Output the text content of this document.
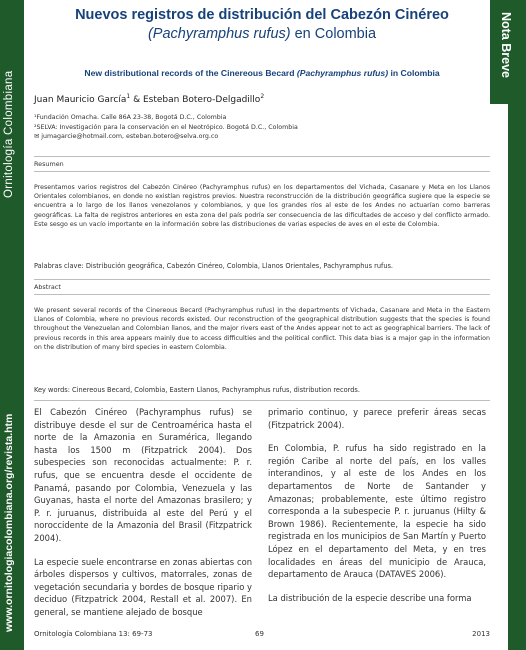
Ornitología Colombiana
www.ornitologiacolombiana.org/revista.htm
Nota Breve
Nuevos registros de distribución del Cabezón Cinéreo
(Pachyramphus rufus) en Colombia
New distributional records of the Cinereous Becard (Pachyramphus rufus) in Colombia
Juan Mauricio García$^1$ & Esteban Botero-Delgadillo$^2$
¹Fundación Omacha. Calle 86A 23-38, Bogotá D.C., Colombia
²SELVA: Investigación para la conservación en el Neotrópico. Bogotá D.C., Colombia
✉ jumagarcie@hotmail.com, esteban.botero@selva.org.co
Resumen
Presentamos varios registros del Cabezón Cinéreo (Pachyramphus rufus) en los departamentos del Vichada, Casanare y Meta en los Llanos Orientales colombianos, en donde no existían registros previos. Nuestra reconstrucción de la distribución geográfica sugiere que la especie se encuentra a lo largo de los llanos venezolanos y colombianos, y que los grandes ríos al este de los Andes no actuarían como barreras geográficas. La falta de registros anteriores en esta zona del país podría ser consecuencia de las dificultades de acceso y del conflicto armado. Este sesgo es un vacío importante en la información sobre las distribuciones de varias especies de aves en el este de Colombia.
Palabras clave: Distribución geográfica, Cabezón Cinéreo, Colombia, Llanos Orientales, Pachyramphus rufus.
Abstract
We present several records of the Cinereous Becard (Pachyramphus rufus) in the departments of Vichada, Casanare and Meta in the Eastern Llanos of Colombia, where no previous records existed. Our reconstruction of the geographical distribution suggests that the species is found throughout the Venezuelan and Colombian llanos, and the major rivers east of the Andes appear not to act as geographical barriers. The lack of previous records in this area appears mainly due to access difficulties and the political conflict. This data bias is a major gap in the information on the distribution of many bird species in eastern Colombia.
Key words: Cinereous Becard, Colombia, Eastern Llanos, Pachyramphus rufus, distribution records.

El Cabezón Cinéreo (Pachyramphus rufus) se distribuye desde el sur de Centroamérica hasta el norte de la Amazonia en Suramérica, llegando hasta los 1500 m (Fitzpatrick 2004). Dos subespecies son reconocidas actualmente: P. r. rufus, que se encuentra desde el occidente de Panamá, pasando por Colombia, Venezuela y las Guyanas, hasta el norte del Amazonas brasilero; y P. r. juruanus, distribuida al este del Perú y el noroccidente de la Amazonia del Brasil (Fitzpatrick 2004).

La especie suele encontrarse en zonas abiertas con árboles dispersos y cultivos, matorrales, zonas de vegetación secundaria y bordes de bosque ripario y deciduo (Fitzpatrick 2004, Restall et al. 2007). En general, se mantiene alejado de bosque

primario continuo, y parece preferir áreas secas (Fitzpatrick 2004).

En Colombia, P. rufus ha sido registrado en la región Caribe al norte del país, en los valles interandinos, y al este de los Andes en los departamentos de Norte de Santander y Amazonas; probablemente, este último registro corresponda a la subespecie P. r. juruanus (Hilty & Brown 1986). Recientemente, la especie ha sido registrada en los municipios de San Martín y Puerto López en el departamento del Meta, y en tres localidades en áreas del municipio de Arauca, departamento de Arauca (DATAVES 2006).

La distribución de la especie describe una forma

Ornitología Colombiana 13: 69-73	69	2013
